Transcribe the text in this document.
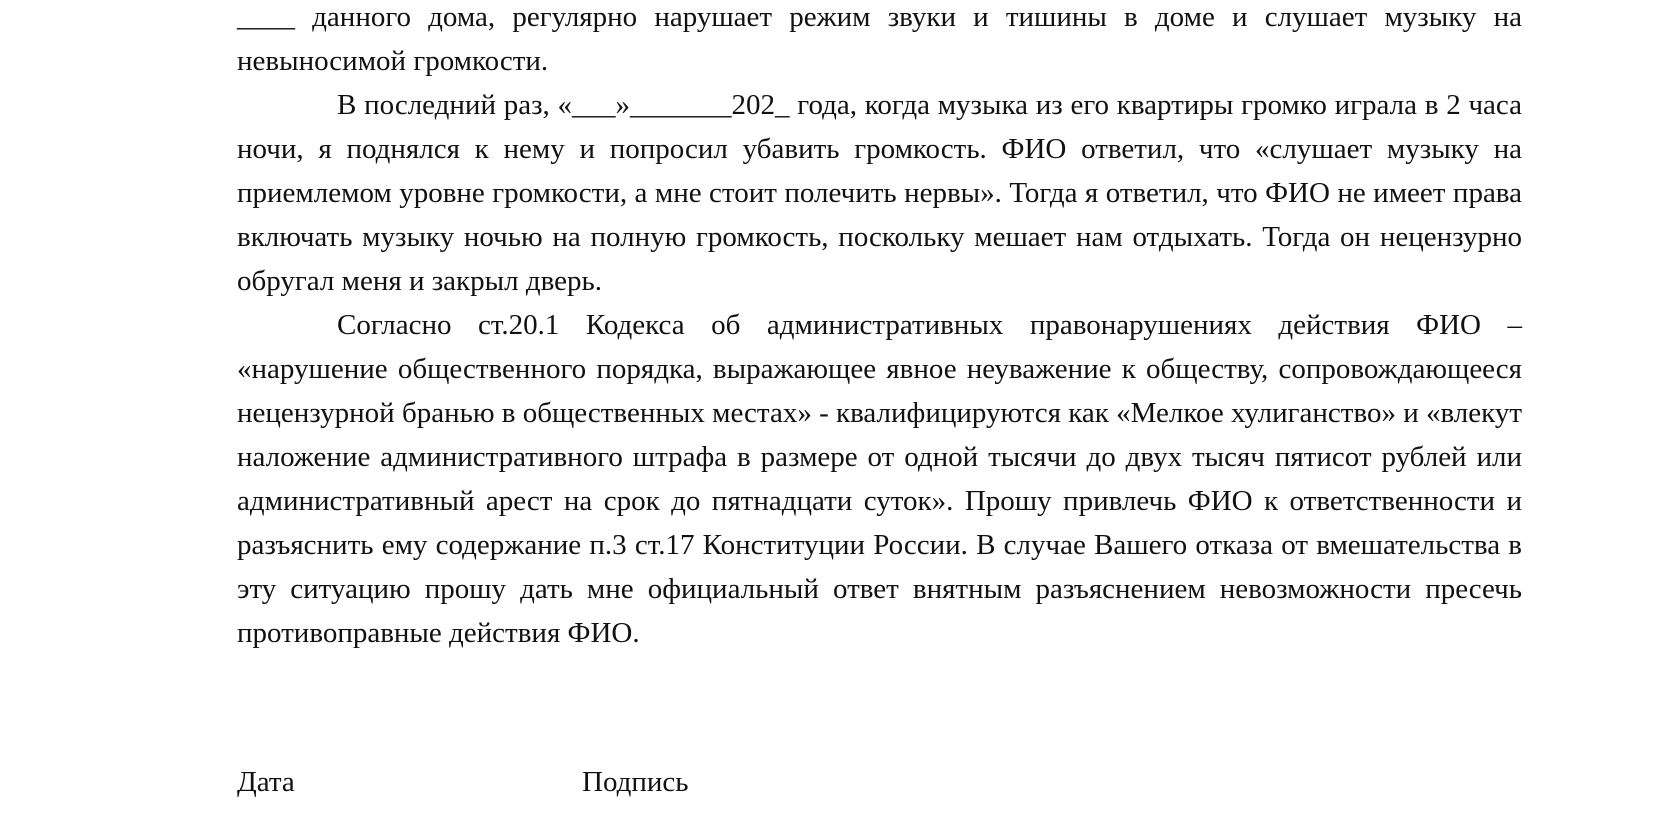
____ данного дома, регулярно нарушает режим звуки и тишины в доме и слушает музыку на невыносимой громкости.

В последний раз, «___»_______202_ года, когда музыка из его квартиры громко играла в 2 часа ночи, я поднялся к нему и попросил убавить громкость. ФИО ответил, что «слушает музыку на приемлемом уровне громкости, а мне стоит полечить нервы». Тогда я ответил, что ФИО не имеет права включать музыку ночью на полную громкость, поскольку мешает нам отдыхать. Тогда он нецензурно обругал меня и закрыл дверь.

Согласно ст.20.1 Кодекса об административных правонарушениях действия ФИО – «нарушение общественного порядка, выражающее явное неуважение к обществу, сопровождающееся нецензурной бранью в общественных местах» - квалифицируются как «Мелкое хулиганство» и «влекут наложение административного штрафа в размере от одной тысячи до двух тысяч пятисот рублей или административный арест на срок до пятнадцати суток». Прошу привлечь ФИО к ответственности и разъяснить ему содержание п.3 ст.17 Конституции России. В случае Вашего отказа от вмешательства в эту ситуацию прошу дать мне официальный ответ внятным разъяснением невозможности пресечь противоправные действия ФИО.

Дата	Подпись
